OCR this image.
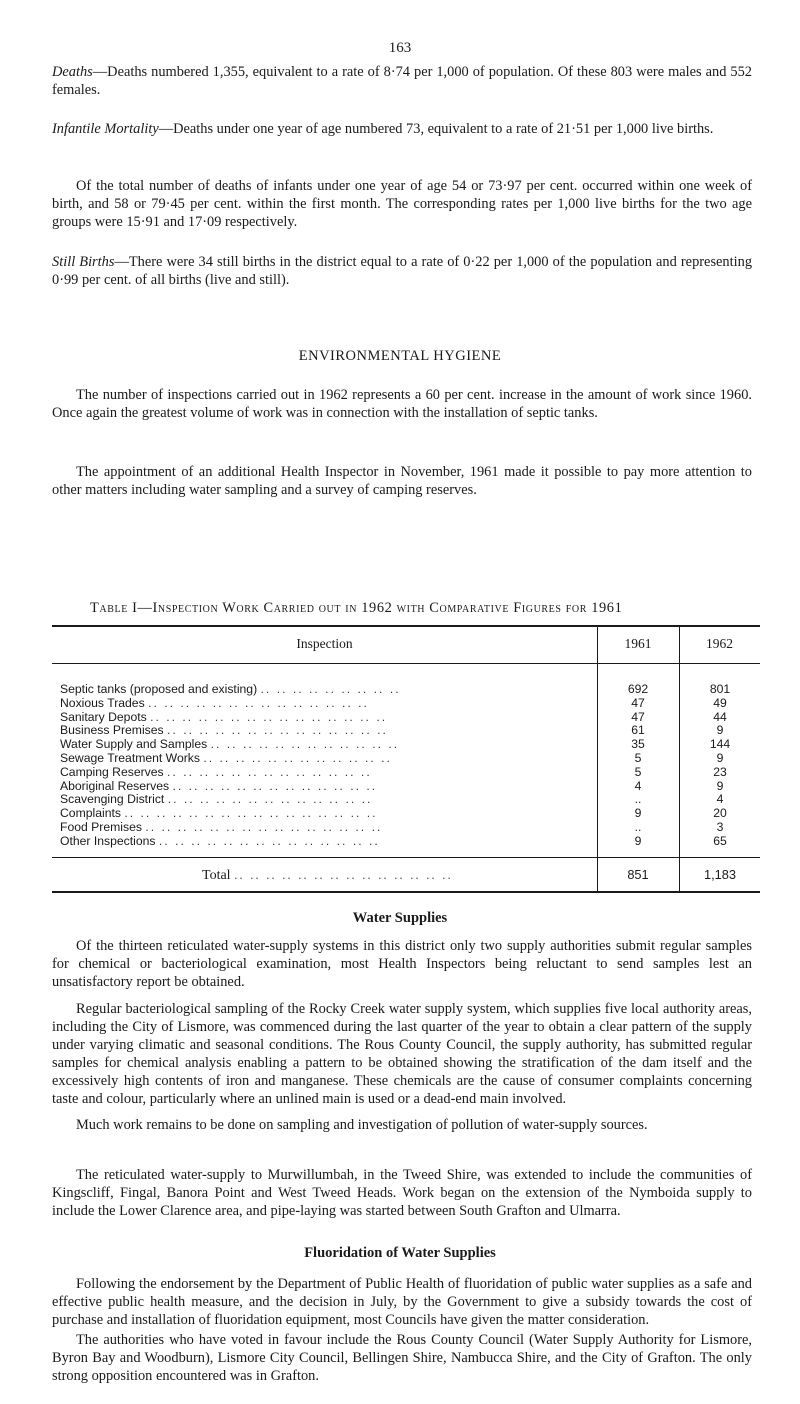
163

Deaths—Deaths numbered 1,355, equivalent to a rate of 8·74 per 1,000 of population. Of these 803 were males and 552 females.

Infantile Mortality—Deaths under one year of age numbered 73, equivalent to a rate of 21·51 per 1,000 live births.

Of the total number of deaths of infants under one year of age 54 or 73·97 per cent. occurred within one week of birth, and 58 or 79·45 per cent. within the first month. The corresponding rates per 1,000 live births for the two age groups were 15·91 and 17·09 respectively.

Still Births—There were 34 still births in the district equal to a rate of 0·22 per 1,000 of the population and representing 0·99 per cent. of all births (live and still).

ENVIRONMENTAL HYGIENE

The number of inspections carried out in 1962 represents a 60 per cent. increase in the amount of work since 1960. Once again the greatest volume of work was in connection with the installation of septic tanks.

The appointment of an additional Health Inspector in November, 1961 made it possible to pay more attention to other matters including water sampling and a survey of camping reserves.

Table I—Inspection Work Carried out in 1962 with Comparative Figures for 1961
Inspection	1961	1962
Septic tanks (proposed and existing) .. .. .. .. .. .. .. .. ..	692	801
Noxious Trades .. .. .. .. .. .. .. .. .. .. .. .. .. ..	47	49
Sanitary Depots .. .. .. .. .. .. .. .. .. .. .. .. .. .. ..	47	44
Business Premises .. .. .. .. .. .. .. .. .. .. .. .. .. ..	61	9
Water Supply and Samples .. .. .. .. .. .. .. .. .. .. .. ..	35	144
Sewage Treatment Works .. .. .. .. .. .. .. .. .. .. .. ..	5	9
Camping Reserves .. .. .. .. .. .. .. .. .. .. .. .. ..	5	23
Aboriginal Reserves .. .. .. .. .. .. .. .. .. .. .. .. ..	4	9
Scavenging District .. .. .. .. .. .. .. .. .. .. .. .. ..	..	4
Complaints .. .. .. .. .. .. .. .. .. .. .. .. .. .. .. ..	9	20
Food Premises .. .. .. .. .. .. .. .. .. .. .. .. .. .. ..	..	3
Other Inspections .. .. .. .. .. .. .. .. .. .. .. .. .. ..	9	65
Total .. .. .. .. .. .. .. .. .. .. .. .. .. ..	851	1,183
Water Supplies

Of the thirteen reticulated water-supply systems in this district only two supply authorities submit regular samples for chemical or bacteriological examination, most Health Inspectors being reluctant to send samples lest an unsatisfactory report be obtained.

Regular bacteriological sampling of the Rocky Creek water supply system, which supplies five local authority areas, including the City of Lismore, was commenced during the last quarter of the year to obtain a clear pattern of the supply under varying climatic and seasonal conditions. The Rous County Council, the supply authority, has submitted regular samples for chemical analysis enabling a pattern to be obtained showing the stratification of the dam itself and the excessively high contents of iron and manganese. These chemicals are the cause of consumer complaints concerning taste and colour, particularly where an unlined main is used or a dead-end main involved.

Much work remains to be done on sampling and investigation of pollution of water-supply sources.

The reticulated water-supply to Murwillumbah, in the Tweed Shire, was extended to include the communities of Kingscliff, Fingal, Banora Point and West Tweed Heads. Work began on the extension of the Nymboida supply to include the Lower Clarence area, and pipe-laying was started between South Grafton and Ulmarra.

Fluoridation of Water Supplies

Following the endorsement by the Department of Public Health of fluoridation of public water supplies as a safe and effective public health measure, and the decision in July, by the Government to give a subsidy towards the cost of purchase and installation of fluoridation equipment, most Councils have given the matter consideration.

The authorities who have voted in favour include the Rous County Council (Water Supply Authority for Lismore, Byron Bay and Woodburn), Lismore City Council, Bellingen Shire, Nambucca Shire, and the City of Grafton. The only strong opposition encountered was in Grafton.
